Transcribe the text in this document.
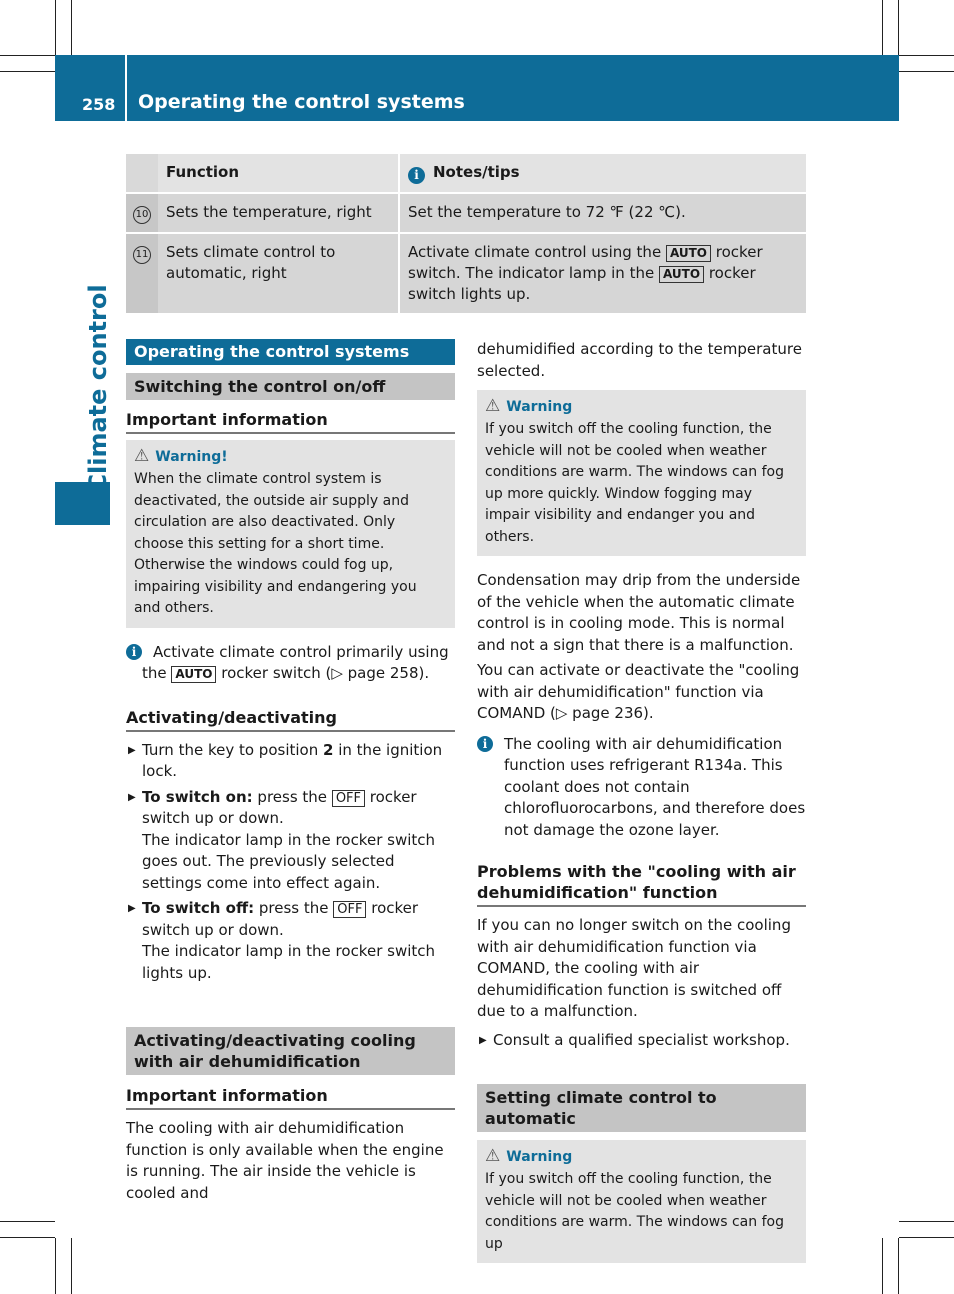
258 Operating the control systems
Climate control
	Function	i Notes/tips
10	Sets the temperature, right	Set the temperature to 72 ℉ (22 ℃).
11	Sets climate control to automatic, right	Activate climate control using the AUTO rocker switch. The indicator lamp in the AUTO rocker switch lights up.
Operating the control systems
Switching the control on/off
Important information
⚠ Warning!

When the climate control system is deactivated, the outside air supply and circulation are also deactivated. Only choose this setting for a short time. Otherwise the windows could fog up, impairing visibility and endangering you and others.

i	Activate climate control primarily using the AUTO rocker switch (▷ page 258).
Activating/deactivating
▶ Turn the key to position 2 in the ignition lock.
▶ To switch on: press the OFF rocker switch up or down.
The indicator lamp in the rocker switch goes out. The previously selected settings come into effect again.
▶ To switch off: press the OFF rocker switch up or down.
The indicator lamp in the rocker switch lights up.
Activating/deactivating cooling with air dehumidification
Important information

The cooling with air dehumidification function is only available when the engine is running. The air inside the vehicle is cooled and

dehumidified according to the temperature selected.

⚠ Warning

If you switch off the cooling function, the vehicle will not be cooled when weather conditions are warm. The windows can fog up more quickly. Window fogging may impair visibility and endanger you and others.

Condensation may drip from the underside of the vehicle when the automatic climate control is in cooling mode. This is normal and not a sign that there is a malfunction.

You can activate or deactivate the "cooling with air dehumidification" function via COMAND (▷ page 236).

i	The cooling with air dehumidification function uses refrigerant R134a. This coolant does not contain chlorofluorocarbons, and therefore does not damage the ozone layer.

Problems with the "cooling with air dehumidification" function

If you can no longer switch on the cooling with air dehumidification function via COMAND, the cooling with air dehumidification function is switched off due to a malfunction.

▶ Consult a qualified specialist workshop.
Setting climate control to automatic
⚠ Warning

If you switch off the cooling function, the vehicle will not be cooled when weather conditions are warm. The windows can fog up
